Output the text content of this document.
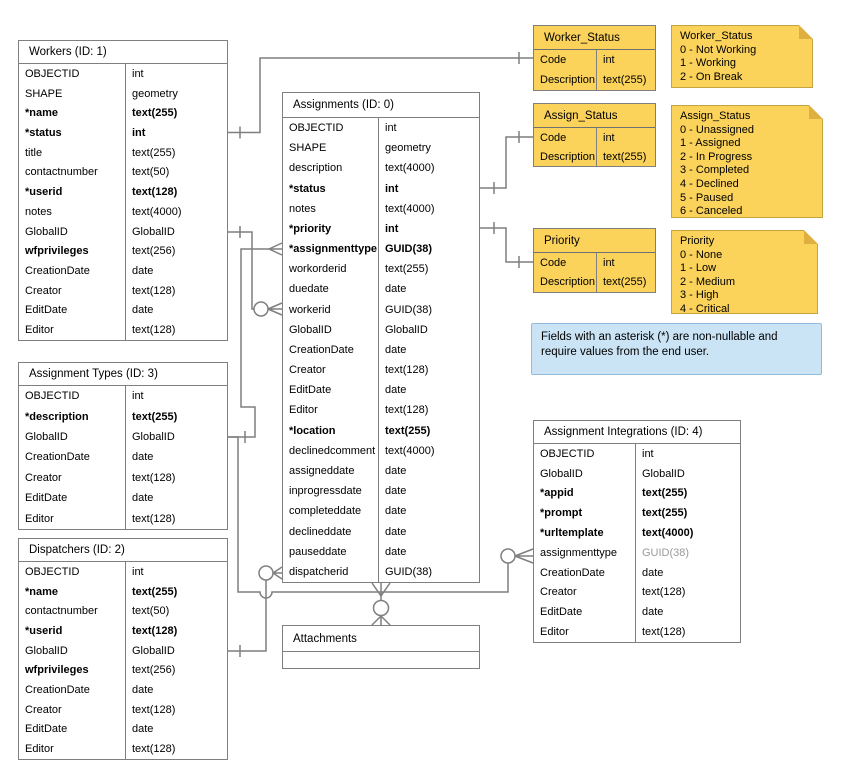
Workers (ID: 1)
OBJECTID	int
SHAPE	geometry
*name	text(255)
*status	int
title	text(255)
contactnumber	text(50)
*userid	text(128)
notes	text(4000)
GlobalID	GlobalID
wfprivileges	text(256)
CreationDate	date
Creator	text(128)
EditDate	date
Editor	text(128)
Assignment Types (ID: 3)
OBJECTID	int
*description	text(255)
GlobalID	GlobalID
CreationDate	date
Creator	text(128)
EditDate	date
Editor	text(128)
Dispatchers (ID: 2)
OBJECTID	int
*name	text(255)
contactnumber	text(50)
*userid	text(128)
GlobalID	GlobalID
wfprivileges	text(256)
CreationDate	date
Creator	text(128)
EditDate	date
Editor	text(128)
Assignments (ID: 0)
OBJECTID	int
SHAPE	geometry
description	text(4000)
*status	int
notes	text(4000)
*priority	int
*assignmenttype GUID(38)
workorderid	text(255)
duedate	date
workerid	GUID(38)
GlobalID	GlobalID
CreationDate	date
Creator	text(128)
EditDate	date
Editor	text(128)
*location	text(255)
declinedcomment text(4000)
assigneddate	date
inprogressdate	date
completeddate	date
declineddate	date
pauseddate	date
dispatcherid	GUID(38)
Attachments
Assignment Integrations (ID: 4)
OBJECTID	int
GlobalID	GlobalID
*appid	text(255)
*prompt	text(255)
*urltemplate	text(4000)
assignmenttype	GUID(38)
CreationDate	date
Creator	text(128)
EditDate	date
Editor	text(128)
Worker_Status
Code	int
Description text(255)
Assign_Status
Code	int
Description text(255)
Priority
Code	int
Description text(255)
Worker_Status
0 - Not Working
1 - Working
2 - On Break
Assign_Status
0 - Unassigned
1 - Assigned
2 - In Progress
3 - Completed
4 - Declined
5 - Paused
6 - Canceled
Priority
0 - None
1 - Low
2 - Medium
3 - High
4 - Critical
Fields with an asterisk (*) are non-nullable and require values from the end user.
